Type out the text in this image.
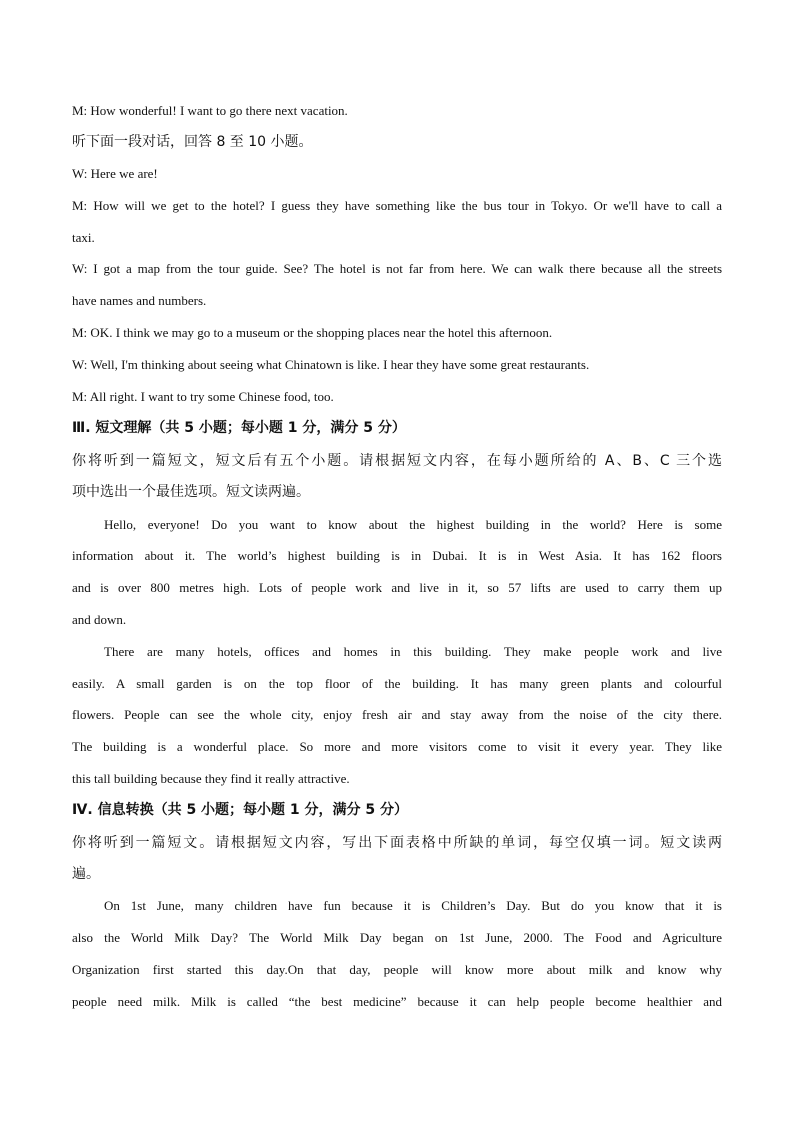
M: How wonderful! I want to go there next vacation.

听下面一段对话，回答 8 至 10 小题。

W: Here we are!

M: How will we get to the hotel? I guess they have something like the bus tour in Tokyo. Or we'll have to call a

taxi.

W: I got a map from the tour guide. See? The hotel is not far from here. We can walk there because all the streets

have names and numbers.

M: OK. I think we may go to a museum or the shopping places near the hotel this afternoon.

W: Well, I'm thinking about seeing what Chinatown is like. I hear they have some great restaurants.

M: All right. I want to try some Chinese food, too.

Ⅲ. 短文理解（共 5 小题；每小题 1 分，满分 5 分）

你将听到一篇短文，短文后有五个小题。请根据短文内容，在每小题所给的 A、B、C 三个选

项中选出一个最佳选项。短文读两遍。

Hello, everyone! Do you want to know about the highest building in the world? Here is some

information about it. The world’s highest building is in Dubai. It is in West Asia. It has 162 floors

and is over 800 metres high. Lots of people work and live in it, so 57 lifts are used to carry them up

and down.

There are many hotels, offices and homes in this building. They make people work and live

easily. A small garden is on the top floor of the building. It has many green plants and colourful

flowers. People can see the whole city, enjoy fresh air and stay away from the noise of the city there.

The building is a wonderful place. So more and more visitors come to visit it every year. They like

this tall building because they find it really attractive.

Ⅳ. 信息转换（共 5 小题；每小题 1 分，满分 5 分）

你将听到一篇短文。请根据短文内容，写出下面表格中所缺的单词，每空仅填一词。短文读两

遍。

On 1st June, many children have fun because it is Children’s Day. But do you know that it is

also the World Milk Day? The World Milk Day began on 1st June, 2000. The Food and Agriculture

Organization first started this day.On that day, people will know more about milk and know why

people need milk. Milk is called “the best medicine” because it can help people become healthier and
